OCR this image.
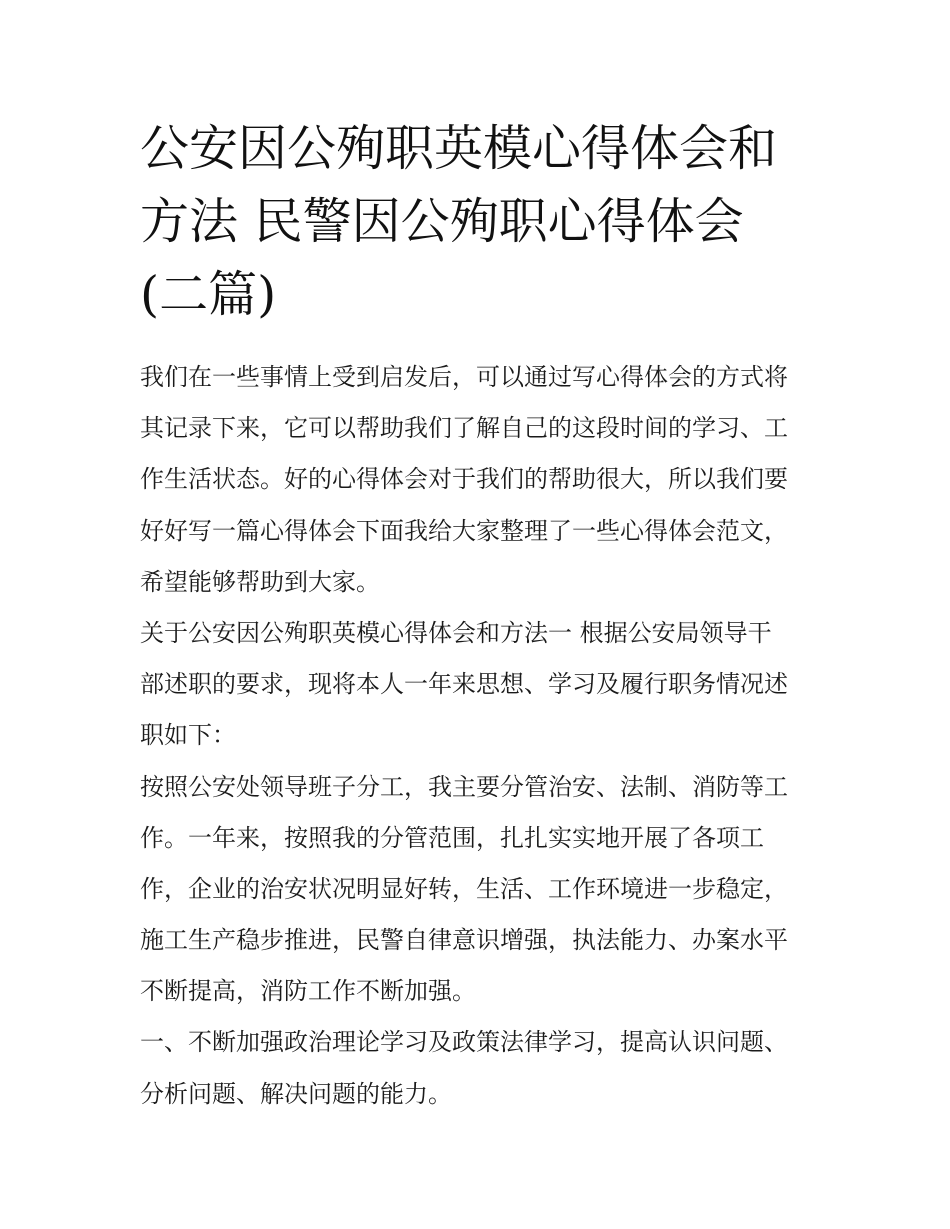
公安因公殉职英模心得体会和
方法 民警因公殉职心得体会
(二篇)
我们在一些事情上受到启发后，可以通过写心得体会的方式将
其记录下来，它可以帮助我们了解自己的这段时间的学习、工
作生活状态。好的心得体会对于我们的帮助很大，所以我们要
好好写一篇心得体会下面我给大家整理了一些心得体会范文，
希望能够帮助到大家。
关于公安因公殉职英模心得体会和方法一 根据公安局领导干
部述职的要求，现将本人一年来思想、学习及履行职务情况述
职如下：
按照公安处领导班子分工，我主要分管治安、法制、消防等工
作。一年来，按照我的分管范围，扎扎实实地开展了各项工
作，企业的治安状况明显好转，生活、工作环境进一步稳定，
施工生产稳步推进，民警自律意识增强，执法能力、办案水平
不断提高，消防工作不断加强。
一、不断加强政治理论学习及政策法律学习，提高认识问题、
分析问题、解决问题的能力。
